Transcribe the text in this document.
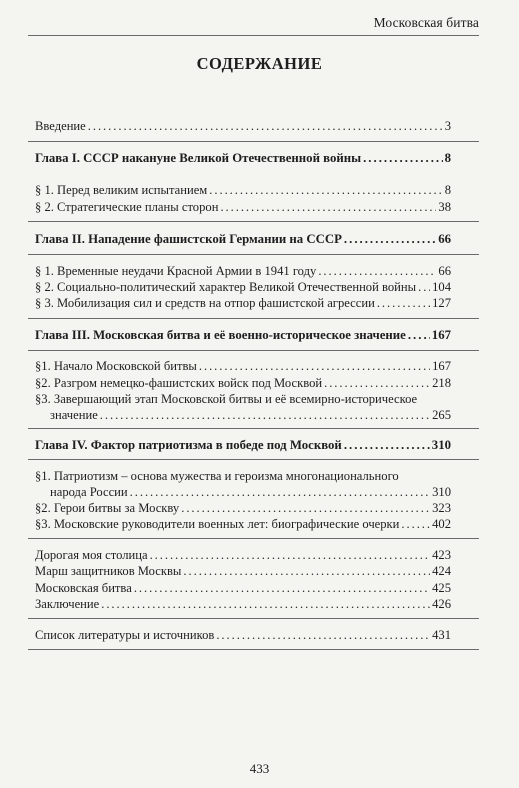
Московская битва
СОДЕРЖАНИЕ
Введение . . .	3
Глава I. СССР накануне Великой Отечественной войны . . .	8
§ 1. Перед великим испытанием . . .	8
§ 2. Стратегические планы сторон . . .	38
Глава II. Нападение фашистской Германии на СССР . . .	66
§ 1. Временные неудачи Красной Армии в 1941 году . . .	66
§ 2. Социально-политический характер Великой Отечественной войны . . . 104
§ 3. Мобилизация сил и средств на отпор фашистской агрессии . . .	127
Глава III. Московская битва и её военно-историческое значение . . . 167
§1. Начало Московской битвы . . .	167
§2. Разгром немецко-фашистских войск под Москвой . . .	218
§3. Завершающий этап Московской битвы и её всемирно-историческое
значение . . .	265
Глава IV. Фактор патриотизма в победе под Москвой . . .	310
§1. Патриотизм – основа мужества и героизма многонационального
народа России . . .	310
§2. Герои битвы за Москву . . .	323
§3. Московские руководители военных лет: биографические очерки . . .	402
Дорогая моя столица . . .	423
Марш защитников Москвы . . .	424
Московская битва . . .	425
Заключение . . .	426
Список литературы и источников . . .	431
433
